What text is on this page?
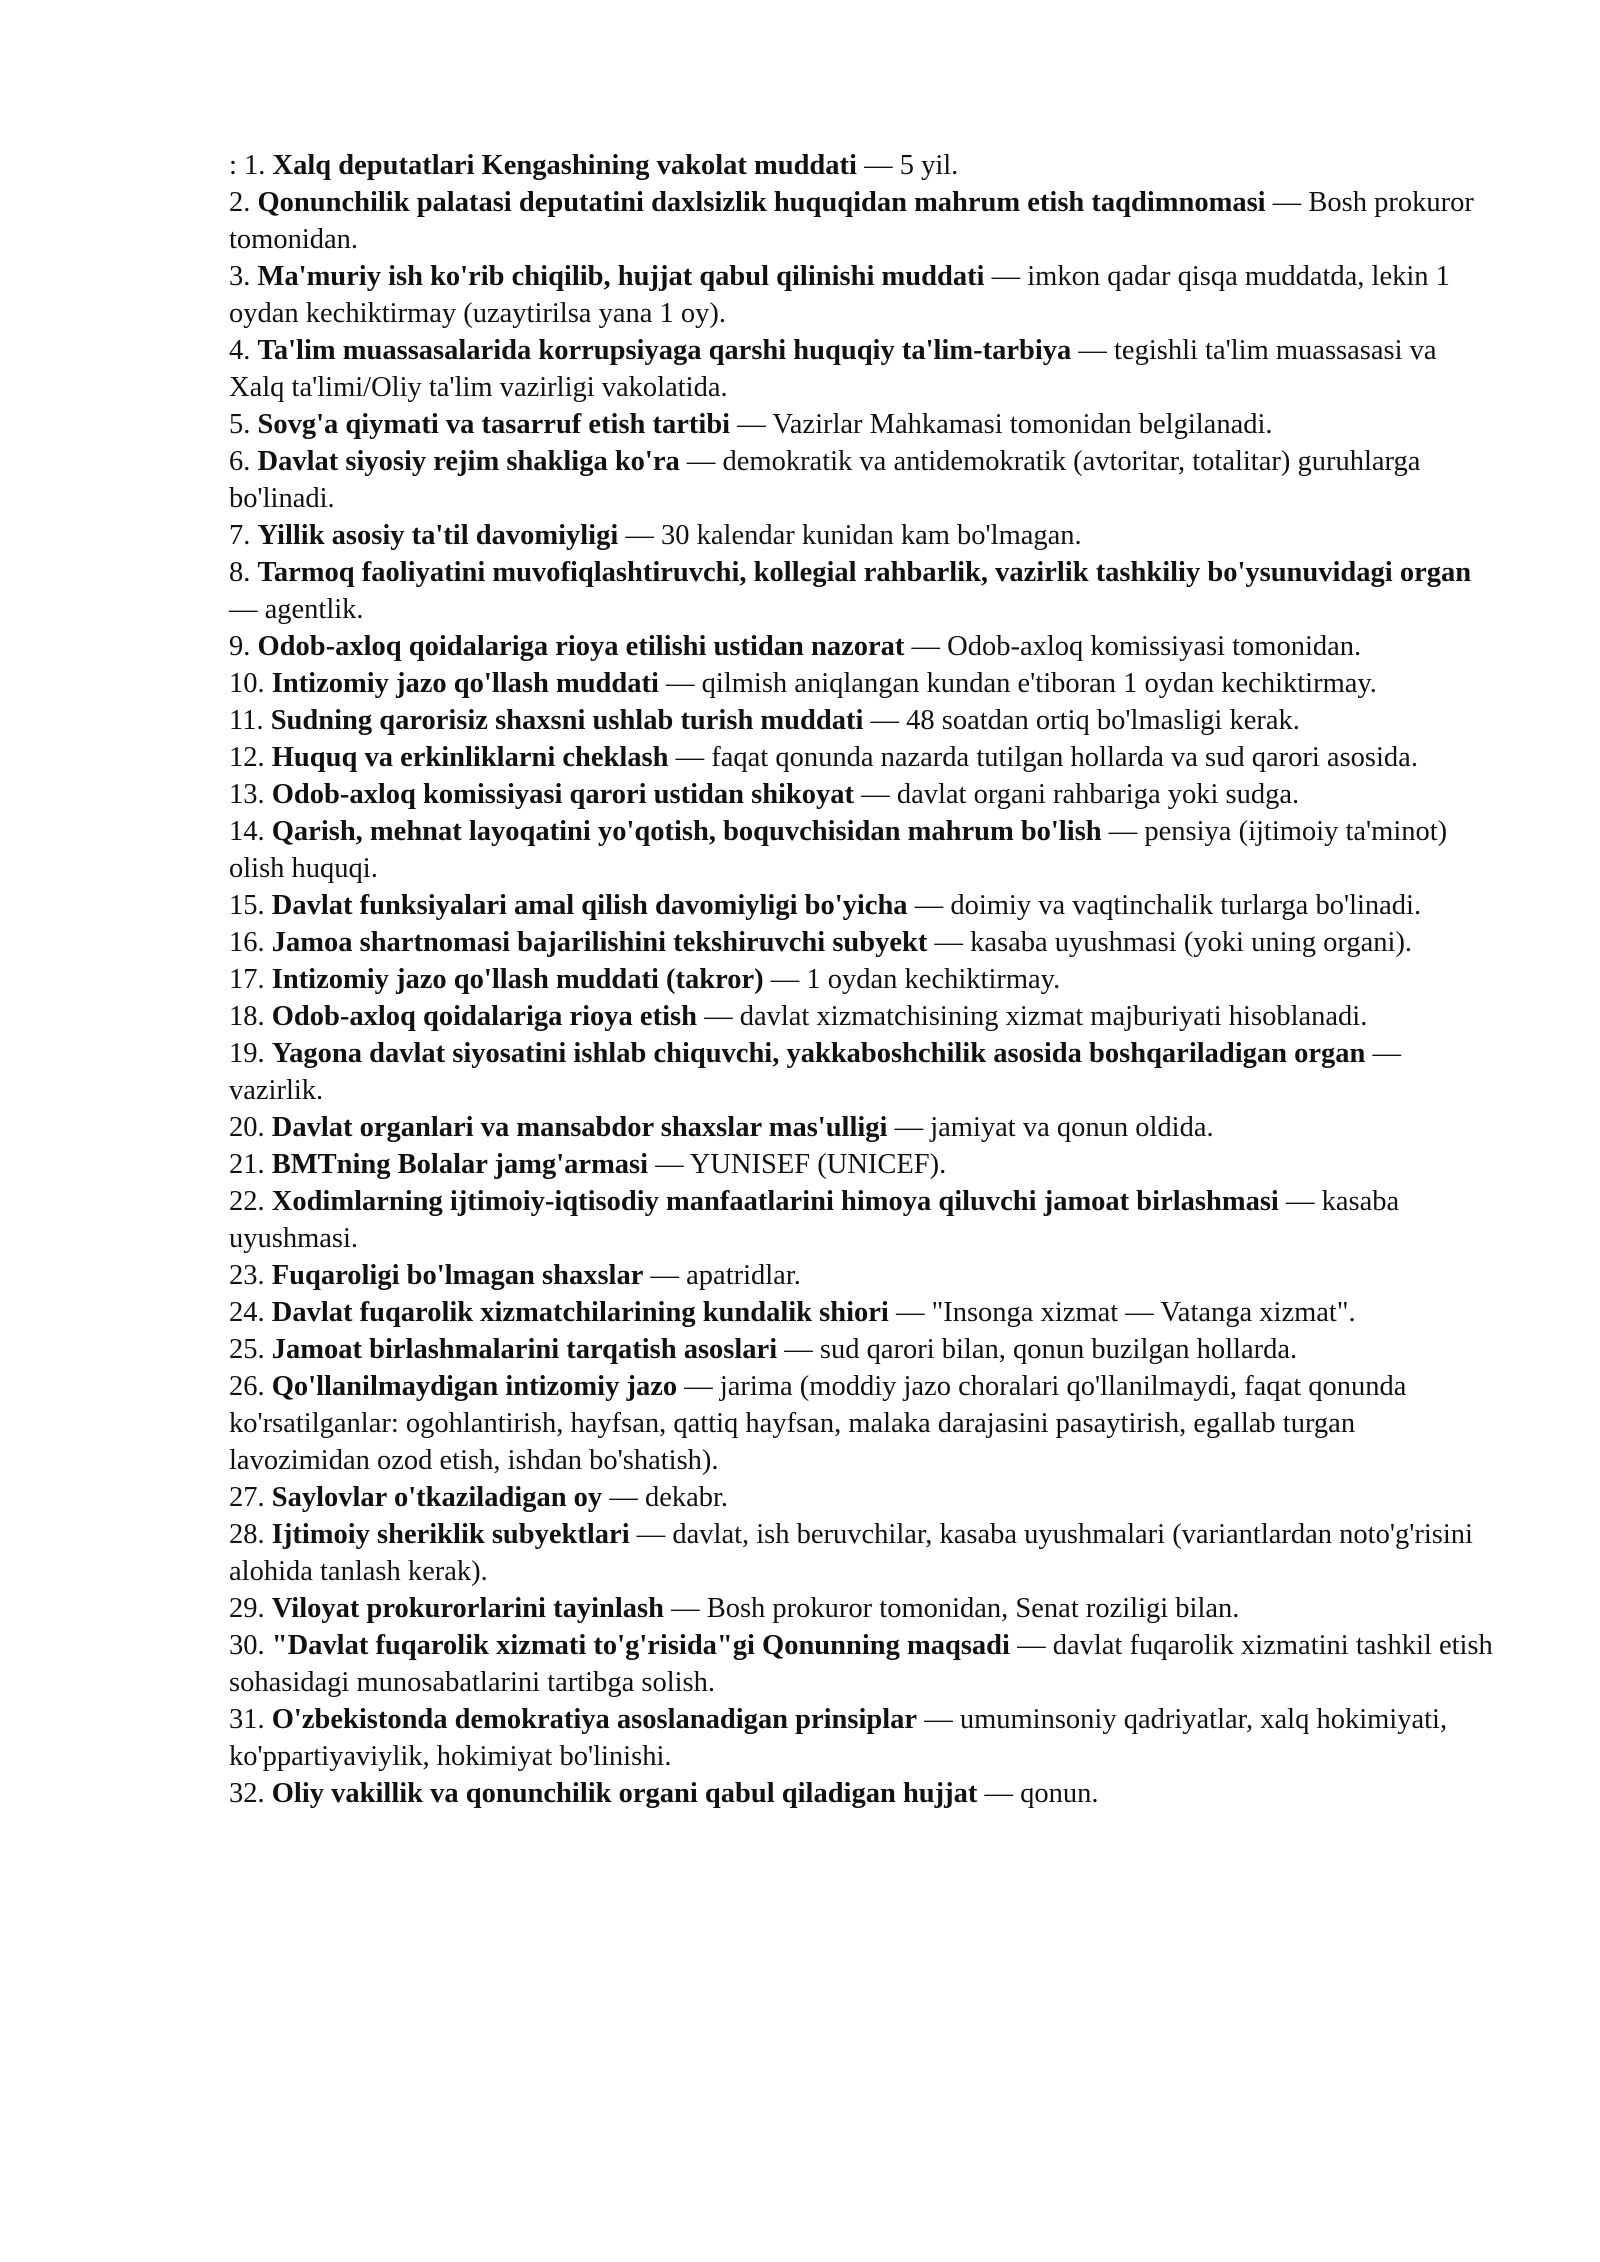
: 1. Xalq deputatlari Kengashining vakolat muddati — 5 yil.

2. Qonunchilik palatasi deputatini daxlsizlik huquqidan mahrum etish taqdimnomasi — Bosh prokuror tomonidan.

3. Ma'muriy ish ko'rib chiqilib, hujjat qabul qilinishi muddati — imkon qadar qisqa muddatda, lekin 1 oydan kechiktirmay (uzaytirilsa yana 1 oy).

4. Ta'lim muassasalarida korrupsiyaga qarshi huquqiy ta'lim-tarbiya — tegishli ta'lim muassasasi va Xalq ta'limi/Oliy ta'lim vazirligi vakolatida.

5. Sovg'a qiymati va tasarruf etish tartibi — Vazirlar Mahkamasi tomonidan belgilanadi.

6. Davlat siyosiy rejim shakliga ko'ra — demokratik va antidemokratik (avtoritar, totalitar) guruhlarga bo'linadi.

7. Yillik asosiy ta'til davomiyligi — 30 kalendar kunidan kam bo'lmagan.

8. Tarmoq faoliyatini muvofiqlashtiruvchi, kollegial rahbarlik, vazirlik tashkiliy bo'ysunuvidagi organ — agentlik.

9. Odob-axloq qoidalariga rioya etilishi ustidan nazorat — Odob-axloq komissiyasi tomonidan.

10. Intizomiy jazo qo'llash muddati — qilmish aniqlangan kundan e'tiboran 1 oydan kechiktirmay.

11. Sudning qarorisiz shaxsni ushlab turish muddati — 48 soatdan ortiq bo'lmasligi kerak.

12. Huquq va erkinliklarni cheklash — faqat qonunda nazarda tutilgan hollarda va sud qarori asosida.

13. Odob-axloq komissiyasi qarori ustidan shikoyat — davlat organi rahbariga yoki sudga.

14. Qarish, mehnat layoqatini yo'qotish, boquvchisidan mahrum bo'lish — pensiya (ijtimoiy ta'minot) olish huquqi.

15. Davlat funksiyalari amal qilish davomiyligi bo'yicha — doimiy va vaqtinchalik turlarga bo'linadi.

16. Jamoa shartnomasi bajarilishini tekshiruvchi subyekt — kasaba uyushmasi (yoki uning organi).

17. Intizomiy jazo qo'llash muddati (takror) — 1 oydan kechiktirmay.

18. Odob-axloq qoidalariga rioya etish — davlat xizmatchisining xizmat majburiyati hisoblanadi.

19. Yagona davlat siyosatini ishlab chiquvchi, yakkaboshchilik asosida boshqariladigan organ — vazirlik.

20. Davlat organlari va mansabdor shaxslar mas'ulligi — jamiyat va qonun oldida.

21. BMTning Bolalar jamg'armasi — YUNISEF (UNICEF).

22. Xodimlarning ijtimoiy-iqtisodiy manfaatlarini himoya qiluvchi jamoat birlashmasi — kasaba uyushmasi.

23. Fuqaroligi bo'lmagan shaxslar — apatridlar.

24. Davlat fuqarolik xizmatchilarining kundalik shiori — "Insonga xizmat — Vatanga xizmat".

25. Jamoat birlashmalarini tarqatish asoslari — sud qarori bilan, qonun buzilgan hollarda.

26. Qo'llanilmaydigan intizomiy jazo — jarima (moddiy jazo choralari qo'llanilmaydi, faqat qonunda ko'rsatilganlar: ogohlantirish, hayfsan, qattiq hayfsan, malaka darajasini pasaytirish, egallab turgan lavozimidan ozod etish, ishdan bo'shatish).

27. Saylovlar o'tkaziladigan oy — dekabr.

28. Ijtimoiy sheriklik subyektlari — davlat, ish beruvchilar, kasaba uyushmalari (variantlardan noto'g'risini alohida tanlash kerak).

29. Viloyat prokurorlarini tayinlash — Bosh prokuror tomonidan, Senat roziligi bilan.

30. "Davlat fuqarolik xizmati to'g'risida"gi Qonunning maqsadi — davlat fuqarolik xizmatini tashkil etish sohasidagi munosabatlarini tartibga solish.

31. O'zbekistonda demokratiya asoslanadigan prinsiplar — umuminsoniy qadriyatlar, xalq hokimiyati, ko'ppartiyaviylik, hokimiyat bo'linishi.

32. Oliy vakillik va qonunchilik organi qabul qiladigan hujjat — qonun.
